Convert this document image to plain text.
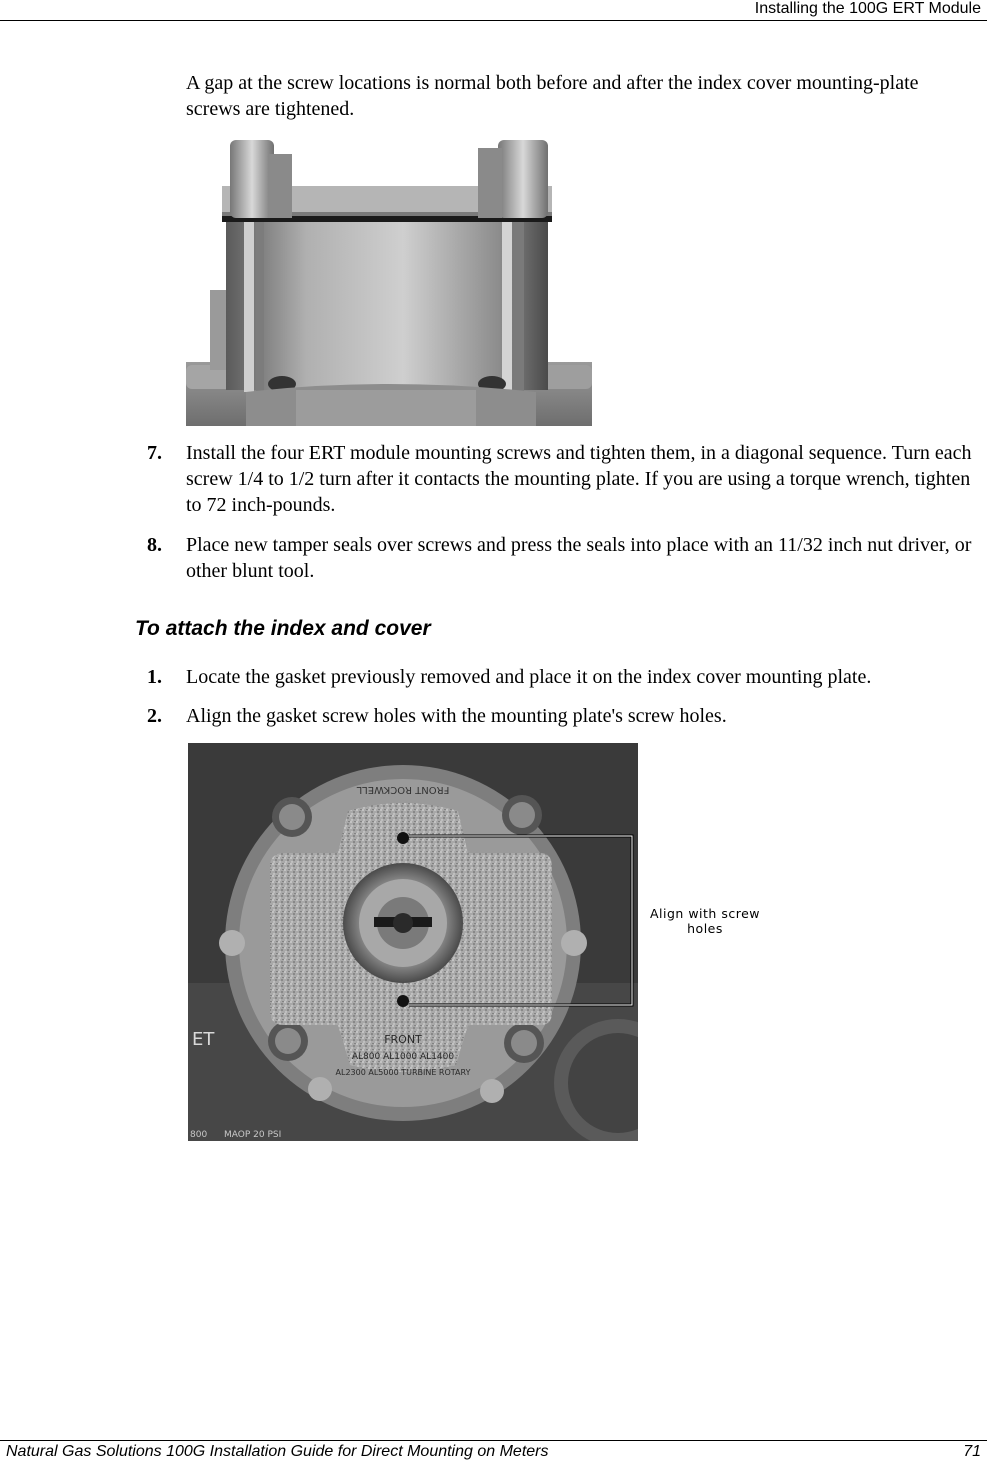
Installing the 100G ERT Module

A gap at the screw locations is normal both before and after the index cover mounting-plate screws are tightened.

7. Install the four ERT module mounting screws and tighten them, in a diagonal sequence. Turn each screw 1/4 to 1/2 turn after it contacts the mounting plate. If you are using a torque wrench, tighten to 72 inch-pounds.
8. Place new tamper seals over screws and press the seals into place with an 11/32 inch nut driver, or other blunt tool.
To attach the index and cover
1. Locate the gasket previously removed and place it on the index cover mounting plate.
2. Align the gasket screw holes with the mounting plate's screw holes.
FRONT ROCKWELL
FRONT
AL800 AL1000 AL1400
AL2300 AL5000 TURBINE ROTARY
ET
800 MAOP 20 PSI
Align with screw holes
Natural Gas Solutions 100G Installation Guide for Direct Mounting on Meters	71
